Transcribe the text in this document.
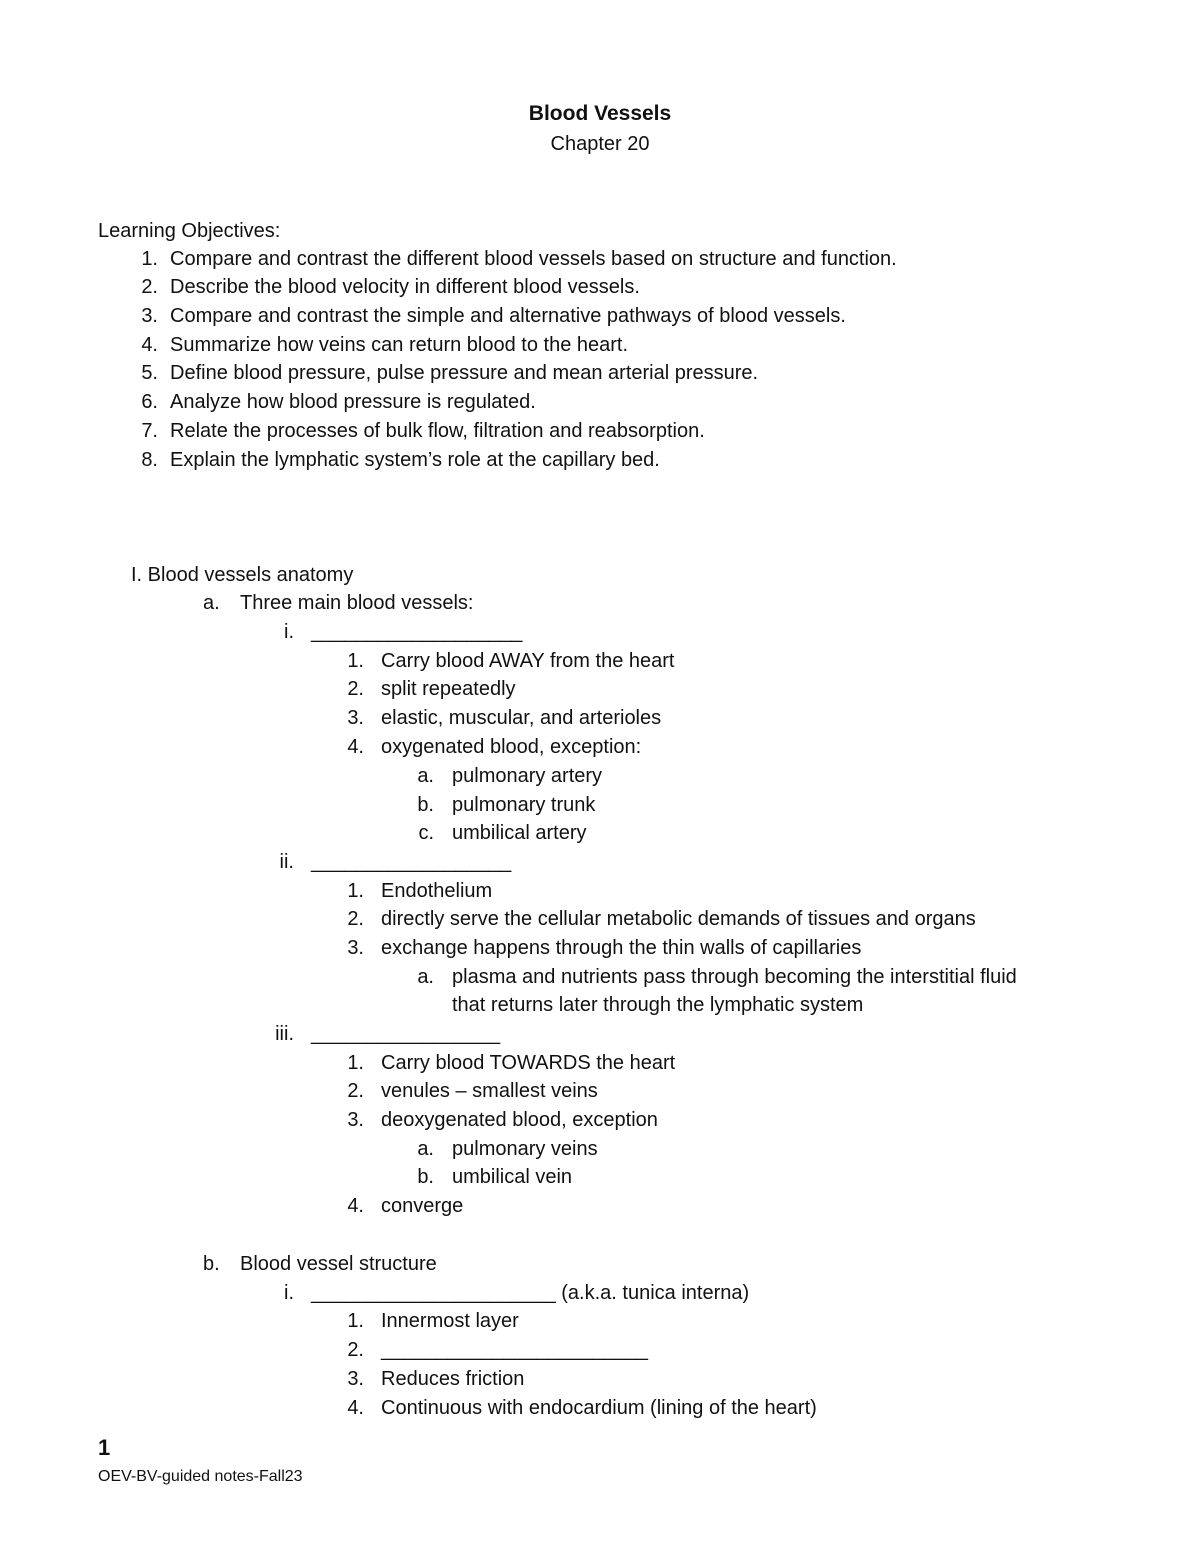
Blood Vessels
Chapter 20
Learning Objectives:
1. Compare and contrast the different blood vessels based on structure and function.
2. Describe the blood velocity in different blood vessels.
3. Compare and contrast the simple and alternative pathways of blood vessels.
4. Summarize how veins can return blood to the heart.
5. Define blood pressure, pulse pressure and mean arterial pressure.
6. Analyze how blood pressure is regulated.
7. Relate the processes of bulk flow, filtration and reabsorption.
8. Explain the lymphatic system’s role at the capillary bed.
I. Blood vessels anatomy
a. Three main blood vessels:
i. ___________________
1. Carry blood AWAY from the heart
2. split repeatedly
3. elastic, muscular, and arterioles
4. oxygenated blood, exception:
a. pulmonary artery
b. pulmonary trunk
c. umbilical artery
ii. __________________
1. Endothelium
2. directly serve the cellular metabolic demands of tissues and organs
3. exchange happens through the thin walls of capillaries
a. plasma and nutrients pass through becoming the interstitial fluid
that returns later through the lymphatic system
iii. _________________
1. Carry blood TOWARDS the heart
2. venules – smallest veins
3. deoxygenated blood, exception
a. pulmonary veins
b. umbilical vein
4. converge
b. Blood vessel structure
i. ______________________ (a.k.a. tunica interna)
1. Innermost layer
2. ________________________
3. Reduces friction
4. Continuous with endocardium (lining of the heart)
1
OEV-BV-guided notes-Fall23
